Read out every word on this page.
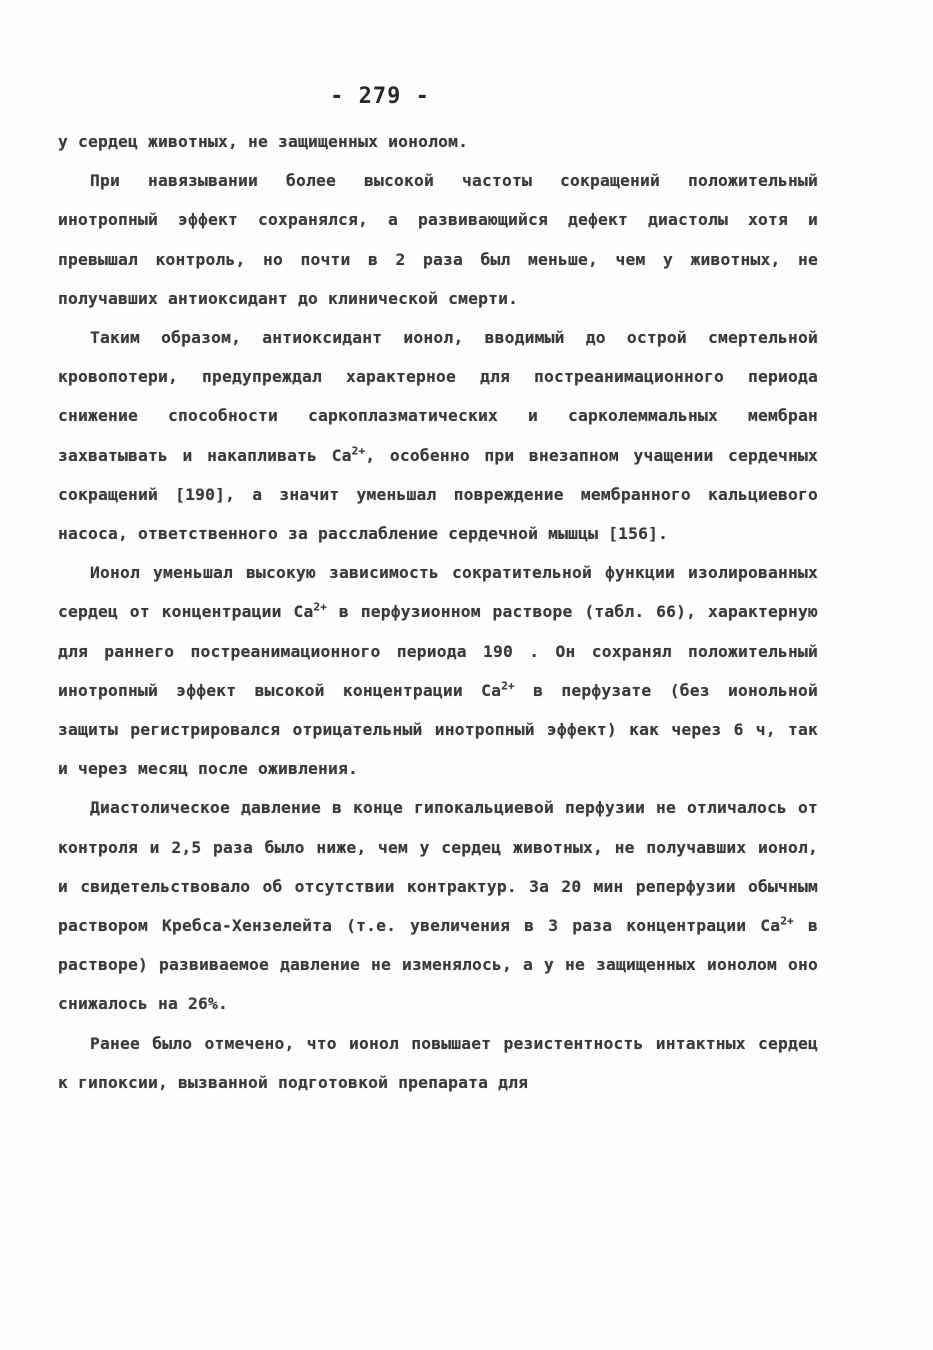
- 279 -

у сердец животных, не защищенных ионолом.

При навязывании более высокой частоты сокращений положительный инотропный эффект сохранялся, а развивающийся дефект диастолы хотя и превышал контроль, но почти в 2 раза был меньше, чем у животных, не получавших антиоксидант до клинической смерти.

Таким образом, антиоксидант ионол, вводимый до острой смертельной кровопотери, предупреждал характерное для постреанимационного периода снижение способности саркоплазматических и сарколеммальных мембран захватывать и накапливать $Ca^{2+}$, особенно при внезапном учащении сердечных сокращений [190], а значит уменьшал повреждение мембранного кальциевого насоса, ответственного за расслабление сердечной мышцы [156].

Ионол уменьшал высокую зависимость сократительной функции изолированных сердец от концентрации $Ca^{2+}$ в перфузионном растворе (табл. 66), характерную для раннего постреанимационного периода 190 . Он сохранял положительный инотропный эффект высокой концентрации $Ca^{2+}$ в перфузате (без ионольной защиты регистрировался отрицательный инотропный эффект) как через 6 ч, так и через месяц после оживления.

Диастолическое давление в конце гипокальциевой перфузии не отличалось от контроля и 2,5 раза было ниже, чем у сердец животных, не получавших ионол, и свидетельствовало об отсутствии контрактур. За 20 мин реперфузии обычным раствором Кребса-Хензелейта (т.е. увеличения в 3 раза концентрации $Ca^{2+}$ в растворе) развиваемое давление не изменялось, а у не защищенных ионолом оно снижалось на 26%.

Ранее было отмечено, что ионол повышает резистентность интактных сердец к гипоксии, вызванной подготовкой препарата для
